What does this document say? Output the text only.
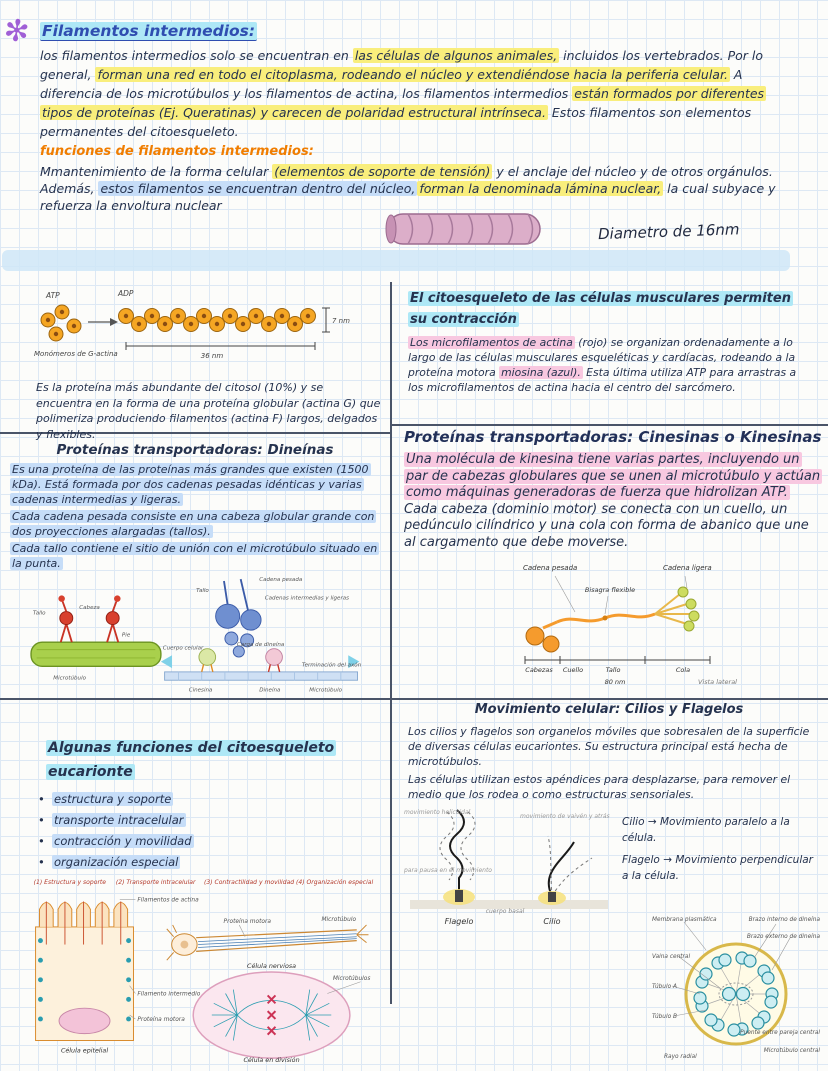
✻ Filamentos intermedios:
los filamentos intermedios solo se encuentran en las células de algunos animales, incluidos los vertebrados. Por lo general, forman una red en todo el citoplasma, rodeando el núcleo y extendiéndose hacia la periferia celular. A diferencia de los microtúbulos y los filamentos de actina, los filamentos intermedios están formados por diferentes tipos de proteínas (Ej. Queratinas) y carecen de polaridad estructural intrínseca. Estos filamentos son elementos permanentes del citoesqueleto.
funciones de filamentos intermedios:
Mmantenimiento de la forma celular (elementos de soporte de tensión) y el anclaje del núcleo y de otros orgánulos. Además, estos filamentos se encuentran dentro del núcleo, forman la denominada lámina nuclear, la cual subyace y refuerza la envoltura nuclear
Diametro de 16nm
ATP	ADP
7 nm
36 nm
Monómeros de G-actina
Es la proteína más abundante del citosol (10%) y se encuentra en la forma de una proteína globular (actina G) que polimeriza produciendo filamentos (actina F) largos, delgados y flexibles.
Proteínas transportadoras: Dineínas

Es una proteína de las proteínas más grandes que existen (1500 kDa). Está formada por dos cadenas pesadas idénticas y varias cadenas intermedias y ligeras.

Cada cadena pesada consiste en una cabeza globular grande con dos proyecciones alargadas (tallos).

Cada tallo contiene el sitio de unión con el microtúbulo situado en la punta.

Tallo
Cabeza
Pie
Microtúbulo
Cadena pesada
Cadenas intermedias y ligeras
Tallo
Cuerpo celular
Carga de dineína
Cinesina	Dineína
Terminación del axón
Microtúbulo
El citoesqueleto de las células musculares permiten su contracción
Los microfilamentos de actina (rojo) se organizan ordenadamente a lo largo de las células musculares esqueléticas y cardíacas, rodeando a la proteína motora miosina (azul). Esta última utiliza ATP para arrastras a los microfilamentos de actina hacia el centro del sarcómero.
Proteínas transportadoras: Cinesinas o Kinesinas
Una molécula de kinesina tiene varias partes, incluyendo un par de cabezas globulares que se unen al microtúbulo y actúan como máquinas generadoras de fuerza que hidrolizan ATP. Cada cabeza (dominio motor) se conecta con un cuello, un pedúnculo cilíndrico y una cola con forma de abanico que une al cargamento que debe moverse.
Cadena pesada	Cadena ligera
Bisagra flexible
Cabezas Cuello	Tallo	Cola
80 nm	Vista lateral
Movimiento celular: Cilios y Flagelos
Los cilios y flagelos son organelos móviles que sobresalen de la superficie de diversas células eucariontes. Su estructura principal está hecha de microtúbulos.
Las células utilizan estos apéndices para desplazarse, para remover el medio que los rodea o como estructuras sensoriales.
movimiento helicoidal
movimiento de vaivén y atrás
para pausa en el movimiento
cuerpo basal
Flagelo	Cilio

Cilio → Movimiento paralelo a la célula.

Flagelo → Movimiento perpendicular a la célula.

Membrana plasmática	Brazo interno de dineína
Brazo externo de dineína
Vaina central
Túbulo A
Túbulo B
Puente entre pareja central
Microtúbulo central
Rayo radial
Algunas funciones del citoesqueleto eucarionte
• estructura y soporte
• transporte intracelular
• contracción y movilidad
• organización especial
(1) Estructura y soporte (2) Transporte intracelular (3) Contractilidad y movilidad (4) Organización especial
Filamentos de actina
Filamento intermedio
Proteína motora
Célula epitelial
Proteína motora	Microtúbulo
Célula nerviosa
Microtúbulos
Célula en división
